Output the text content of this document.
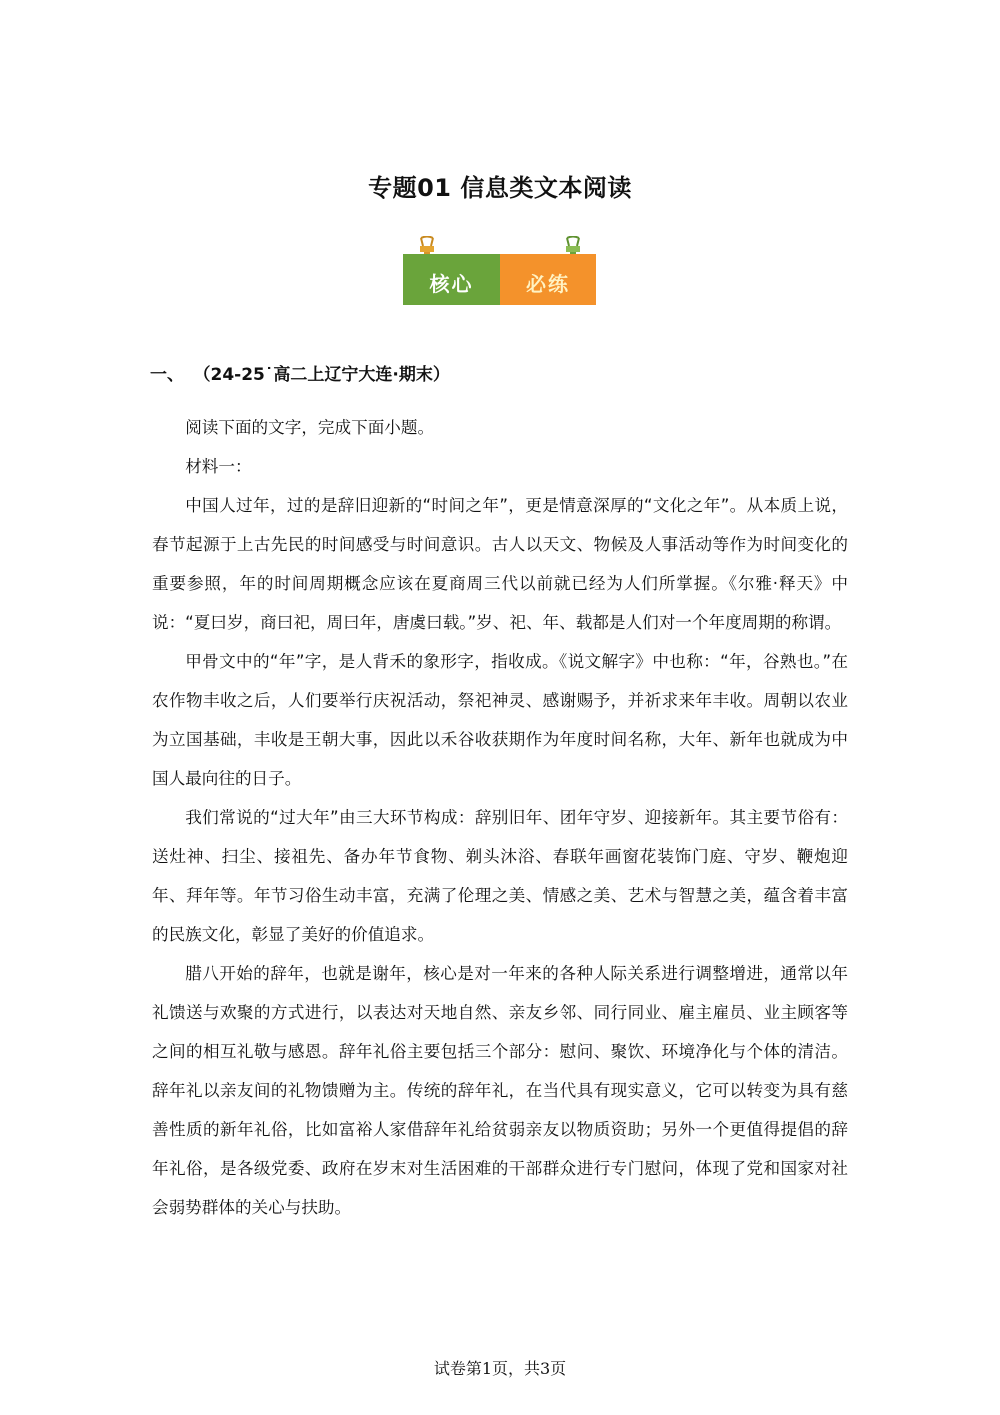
专题01 信息类文本阅读
核心	必练
一、 （24-25˙高二上辽宁大连·期末）

阅读下面的文字，完成下面小题。

材料一：

中国人过年，过的是辞旧迎新的“时间之年”，更是情意深厚的“文化之年”。从本质上说，春节起源于上古先民的时间感受与时间意识。古人以天文、物候及人事活动等作为时间变化的重要参照，年的时间周期概念应该在夏商周三代以前就已经为人们所掌握。《尔雅·释天》中说：“夏曰岁，商曰祀，周曰年，唐虞曰载。”岁、祀、年、载都是人们对一个年度周期的称谓。

甲骨文中的“年”字，是人背禾的象形字，指收成。《说文解字》中也称：“年，谷熟也。”在农作物丰收之后，人们要举行庆祝活动，祭祀神灵、感谢赐予，并祈求来年丰收。周朝以农业为立国基础，丰收是王朝大事，因此以禾谷收获期作为年度时间名称，大年、新年也就成为中国人最向往的日子。

我们常说的“过大年”由三大环节构成：辞别旧年、团年守岁、迎接新年。其主要节俗有：送灶神、扫尘、接祖先、备办年节食物、剃头沐浴、春联年画窗花装饰门庭、守岁、鞭炮迎年、拜年等。年节习俗生动丰富，充满了伦理之美、情感之美、艺术与智慧之美，蕴含着丰富的民族文化，彰显了美好的价值追求。

腊八开始的辞年，也就是谢年，核心是对一年来的各种人际关系进行调整增进，通常以年礼馈送与欢聚的方式进行，以表达对天地自然、亲友乡邻、同行同业、雇主雇员、业主顾客等之间的相互礼敬与感恩。辞年礼俗主要包括三个部分：慰问、聚饮、环境净化与个体的清洁。辞年礼以亲友间的礼物馈赠为主。传统的辞年礼，在当代具有现实意义，它可以转变为具有慈善性质的新年礼俗，比如富裕人家借辞年礼给贫弱亲友以物质资助；另外一个更值得提倡的辞年礼俗，是各级党委、政府在岁末对生活困难的干部群众进行专门慰问，体现了党和国家对社会弱势群体的关心与扶助。

试卷第1页，共3页
